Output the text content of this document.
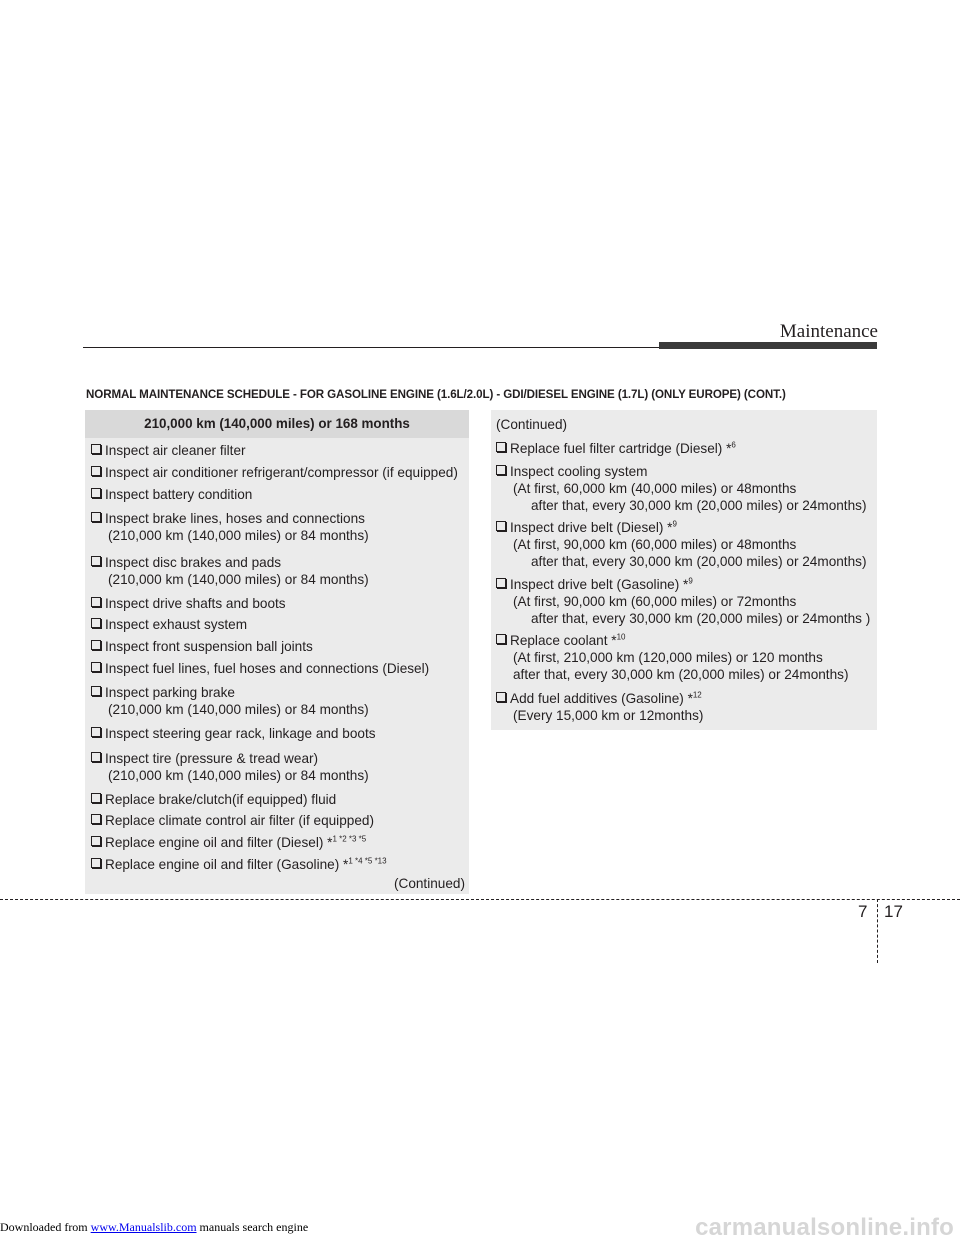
Downloaded from www.Manualslib.com manuals search engine
Maintenance
NORMAL MAINTENANCE SCHEDULE - FOR GASOLINE ENGINE (1.6L/2.0L) - GDI/DIESEL ENGINE (1.7L) (ONLY EUROPE) (CONT.)
210,000 km (140,000 miles) or 168 months
Inspect air cleaner filter
Inspect air conditioner refrigerant/compressor (if equipped)
Inspect battery condition
Inspect brake lines, hoses and connections
(210,000 km (140,000 miles) or 84 months)
Inspect disc brakes and pads
(210,000 km (140,000 miles) or 84 months)
Inspect drive shafts and boots
Inspect exhaust system
Inspect front suspension ball joints
Inspect fuel lines, fuel hoses and connections (Diesel)
Inspect parking brake
(210,000 km (140,000 miles) or 84 months)
Inspect steering gear rack, linkage and boots
Inspect tire (pressure & tread wear)
(210,000 km (140,000 miles) or 84 months)
Replace brake/clutch(if equipped) fluid
Replace climate control air filter (if equipped)
Replace engine oil and filter (Diesel) *$^{1 *2 *3 *5}$
Replace engine oil and filter (Gasoline) *$^{1 *4 *5 *13}$
(Continued)
(Continued)
Replace fuel filter cartridge (Diesel) *$^6$
Inspect cooling system
(At first, 60,000 km (40,000 miles) or 48months
after that, every 30,000 km (20,000 miles) or 24months)
Inspect drive belt (Diesel) *$^9$
(At first, 90,000 km (60,000 miles) or 48months
after that, every 30,000 km (20,000 miles) or 24months)
Inspect drive belt (Gasoline) *$^9$
(At first, 90,000 km (60,000 miles) or 72months
after that, every 30,000 km (20,000 miles) or 24months )
Replace coolant *$^{10}$
(At first, 210,000 km (120,000 miles) or 120 months
after that, every 30,000 km (20,000 miles) or 24months)
Add fuel additives (Gasoline) *$^{12}$
(Every 15,000 km or 12months)
7 17
carmanualsonline.info
